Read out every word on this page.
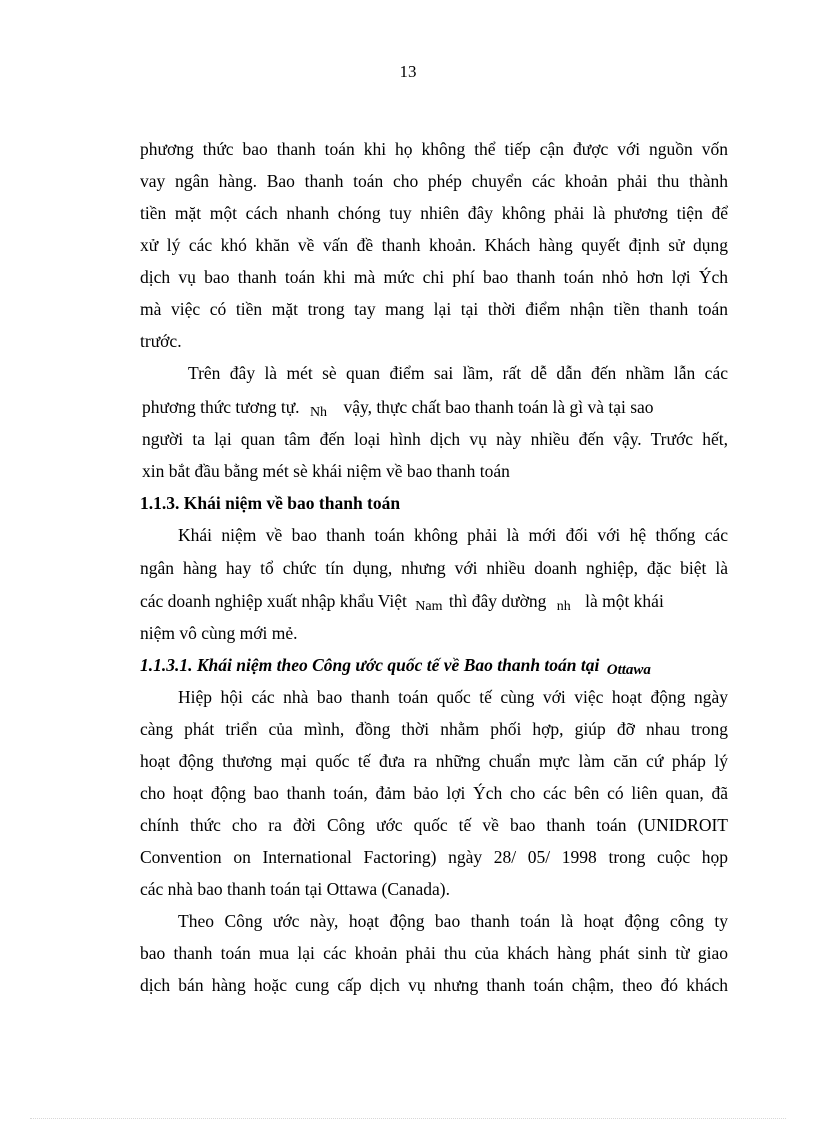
13
phương thức bao thanh toán khi họ không thể tiếp cận được với nguồn vốn
vay ngân hàng. Bao thanh toán cho phép chuyển các khoản phải thu thành
tiền mặt một cách nhanh chóng tuy nhiên đây không phải là phương tiện để
xử lý các khó khăn về vấn đề thanh khoản. Khách hàng quyết định sử dụng
dịch vụ bao thanh toán khi mà mức chi phí bao thanh toán nhỏ hơn lợi Ých
mà việc có tiền mặt trong tay mang lại tại thời điểm nhận tiền thanh toán
trước.
Trên đây là mét sè quan điểm sai lầm, rất dễ dẫn đến nhầm lẫn các
phương thức tương tự. Nh vậy, thực chất bao thanh toán là gì và tại sao
người ta lại quan tâm đến loại hình dịch vụ này nhiều đến vậy. Trước hết,
xin bắt đầu bằng mét sè khái niệm về bao thanh toán
1.1.3. Khái niệm về bao thanh toán
Khái niệm về bao thanh toán không phải là mới đối với hệ thống các
ngân hàng hay tổ chức tín dụng, nhưng với nhiều doanh nghiệp, đặc biệt là
các doanh nghiệp xuất nhập khẩu Việt Nam thì đây dường nh là một khái
niệm vô cùng mới mẻ.
1.1.3.1. Khái niệm theo Công ước quốc tế về Bao thanh toán tại Ottawa
Hiệp hội các nhà bao thanh toán quốc tế cùng với việc hoạt động ngày
càng phát triển của mình, đồng thời nhằm phối hợp, giúp đỡ nhau trong
hoạt động thương mại quốc tế đưa ra những chuẩn mực làm căn cứ pháp lý
cho hoạt động bao thanh toán, đảm bảo lợi Ých cho các bên có liên quan, đã
chính thức cho ra đời Công ước quốc tế về bao thanh toán (UNIDROIT
Convention on International Factoring) ngày 28/ 05/ 1998 trong cuộc họp
các nhà bao thanh toán tại Ottawa (Canada).
Theo Công ước này, hoạt động bao thanh toán là hoạt động công ty
bao thanh toán mua lại các khoản phải thu của khách hàng phát sinh từ giao
dịch bán hàng hoặc cung cấp dịch vụ nhưng thanh toán chậm, theo đó khách
